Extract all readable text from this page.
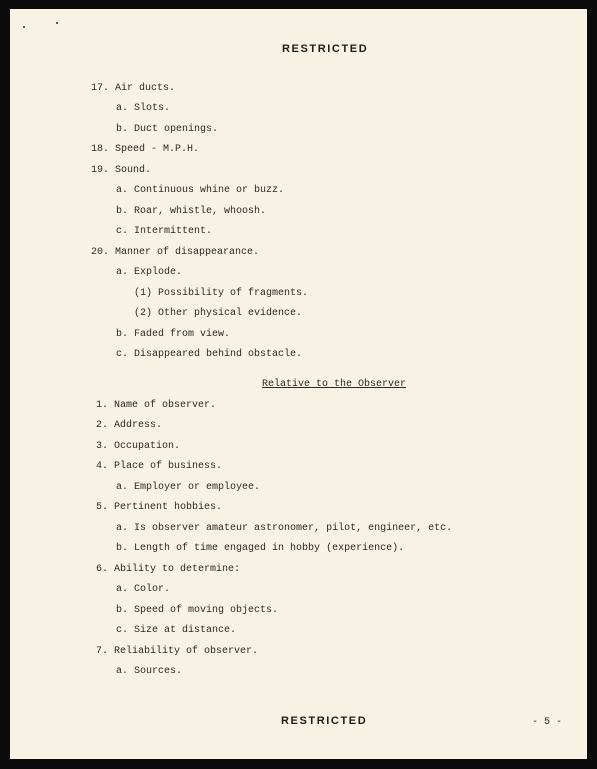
RESTRICTED
17. Air ducts.
a. Slots.
b. Duct openings.
18. Speed - M.P.H.
19. Sound.
a. Continuous whine or buzz.
b. Roar, whistle, whoosh.
c. Intermittent.
20. Manner of disappearance.
a. Explode.
(1) Possibility of fragments.
(2) Other physical evidence.
b. Faded from view.
c. Disappeared behind obstacle.
Relative to the Observer
1. Name of observer.
2. Address.
3. Occupation.
4. Place of business.
a. Employer or employee.
5. Pertinent hobbies.
a. Is observer amateur astronomer, pilot, engineer, etc.
b. Length of time engaged in hobby (experience).
6. Ability to determine:
a. Color.
b. Speed of moving objects.
c. Size at distance.
7. Reliability of observer.
a. Sources.
RESTRICTED	- 5 -
